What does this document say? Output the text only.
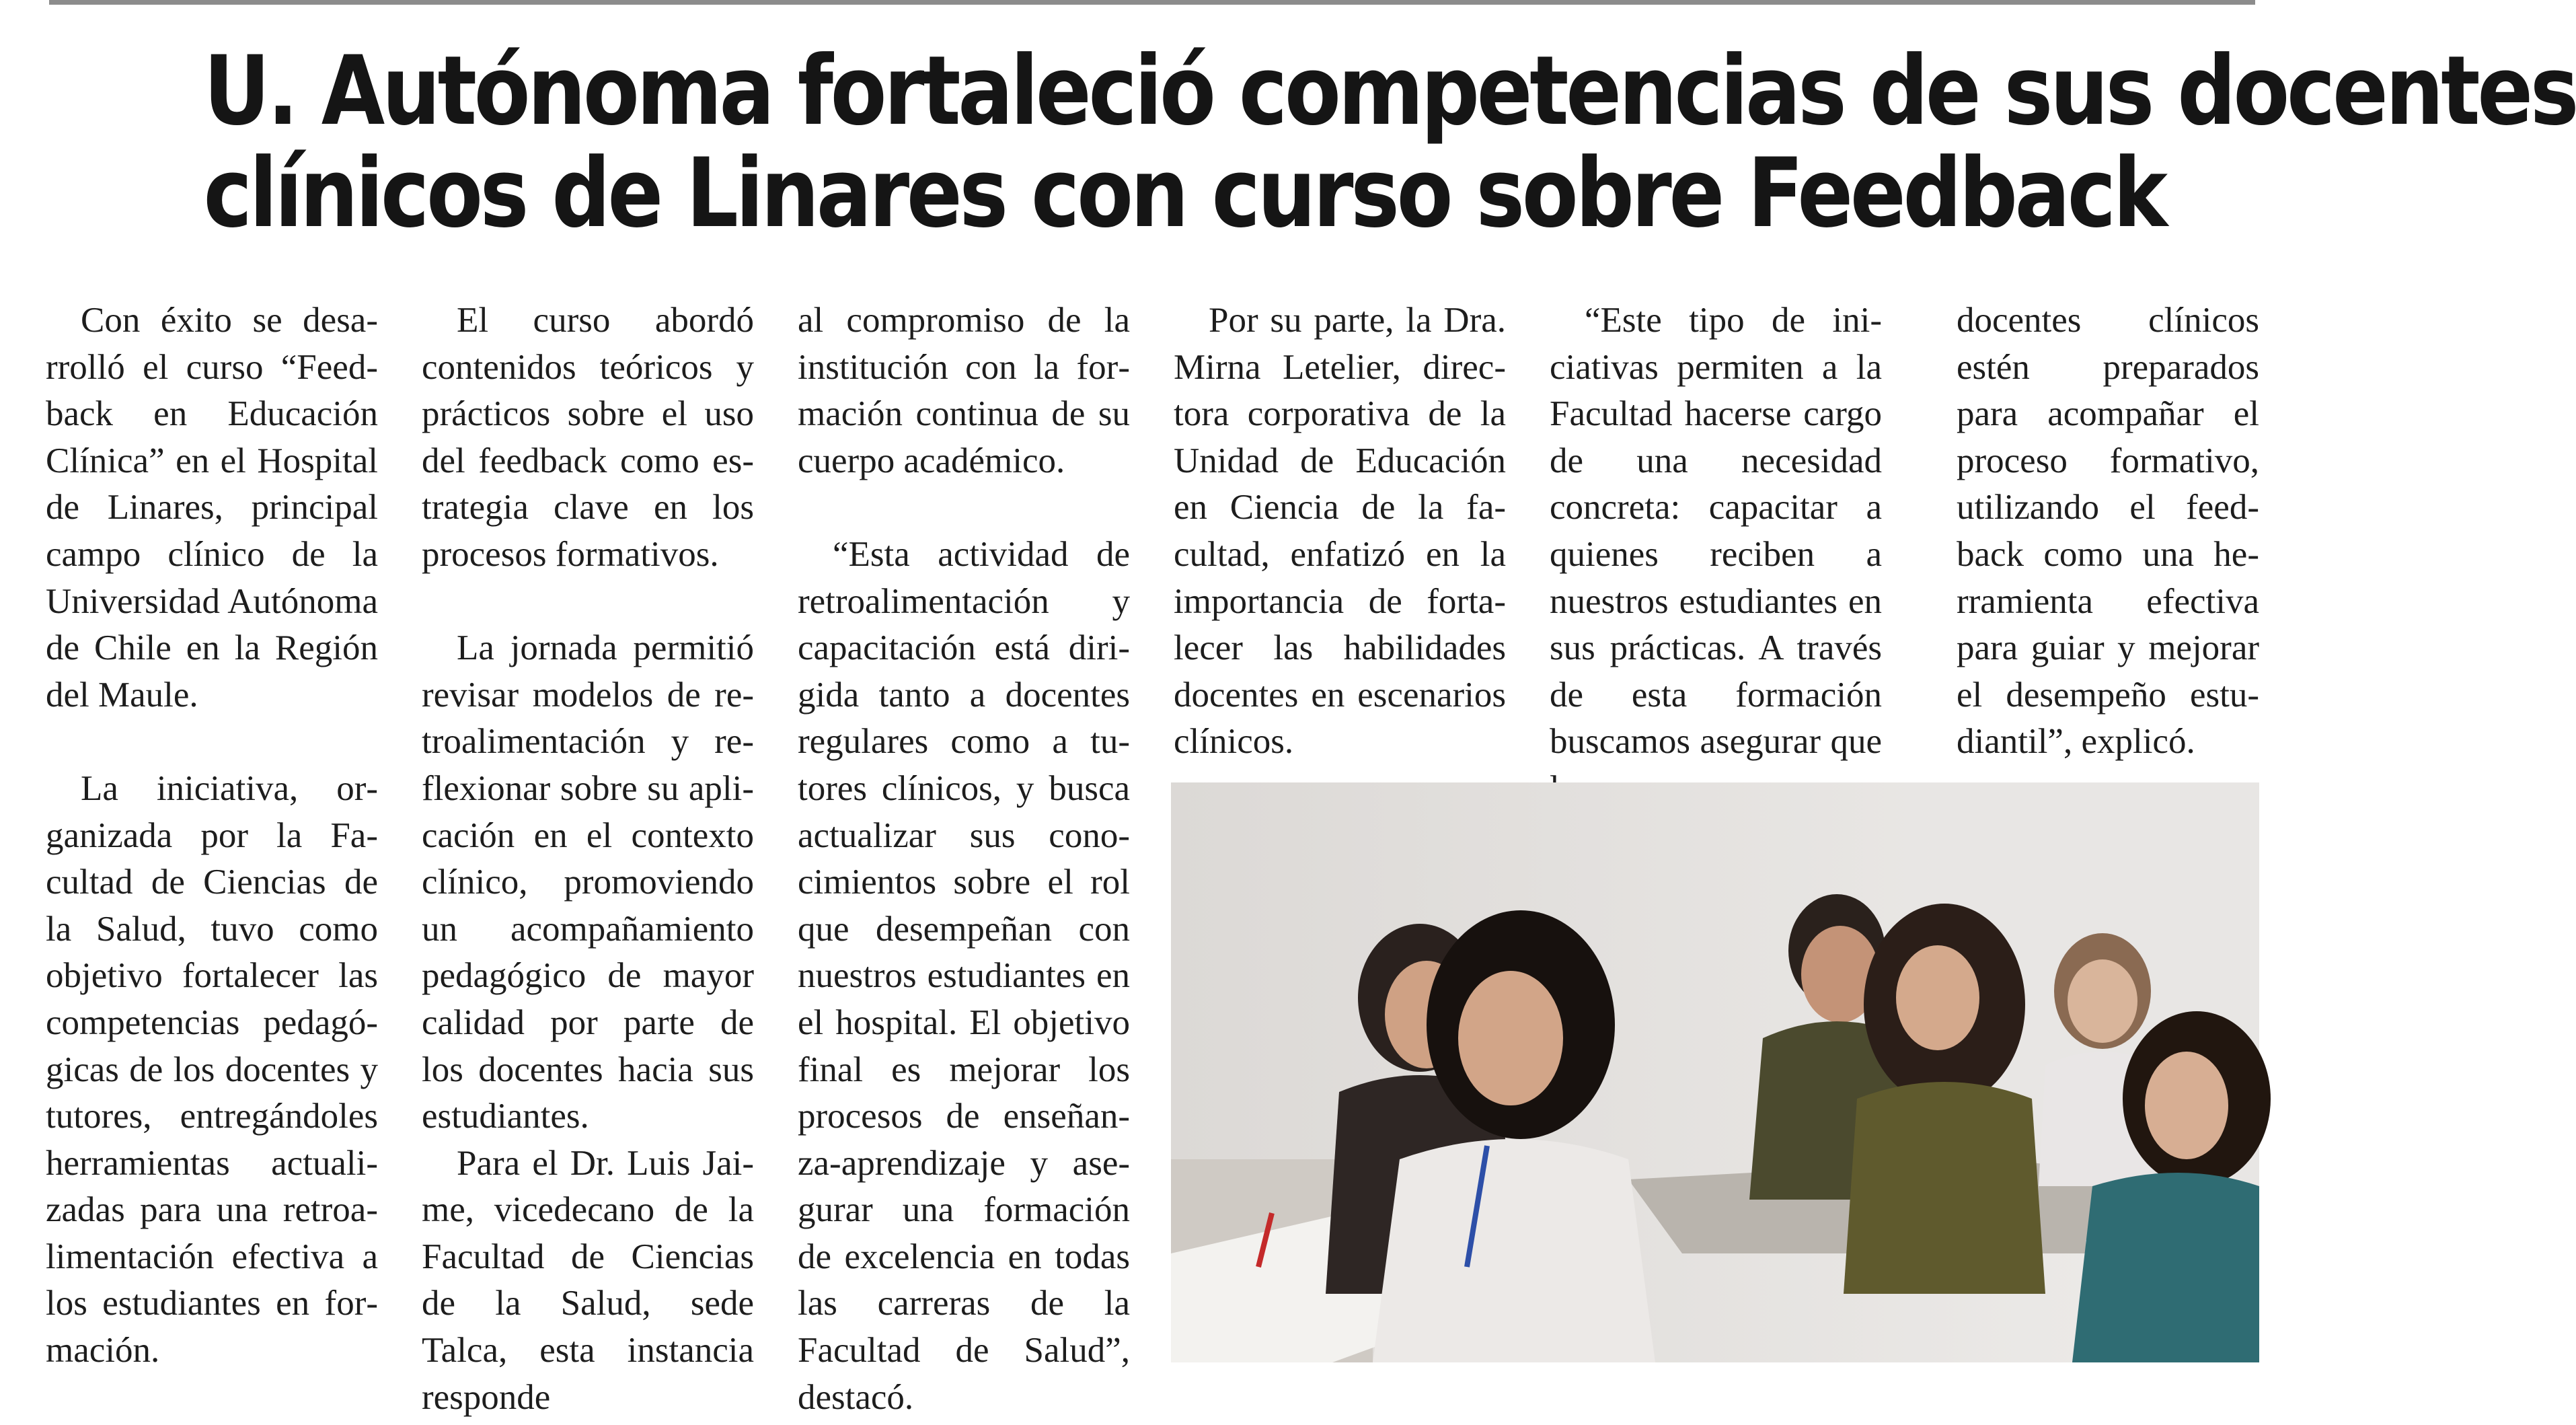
U. Autónoma fortaleció competencias de sus docentes
clínicos de Linares con curso sobre Feedback

Con éxito se desarrolló el curso “Feedback en Educación Clínica” en el Hospital de Linares, principal campo clínico de la Universidad Autónoma de Chile en la Región del Maule.

La iniciativa, organizada por la Facultad de Ciencias de la Salud, tuvo como objetivo fortalecer las competencias pedagógicas de los docentes y tutores, entregándoles herramientas actualizadas para una retroalimentación efectiva a los estudiantes en formación.

El curso abordó contenidos teóricos y prácticos sobre el uso del feedback como estrategia clave en los procesos formativos.

La jornada permitió revisar modelos de retroalimentación y reflexionar sobre su aplicación en el contexto clínico, promoviendo un acompañamiento pedagógico de mayor calidad por parte de los docentes hacia sus estudiantes.

Para el Dr. Luis Jaime, vicedecano de la Facultad de Ciencias de la Salud, sede Talca, esta instancia responde

al compromiso de la institución con la formación continua de su cuerpo académico.

“Esta actividad de retroalimentación y capacitación está dirigida tanto a docentes regulares como a tutores clínicos, y busca actualizar sus conocimientos sobre el rol que desempeñan con nuestros estudiantes en el hospital. El objetivo final es mejorar los procesos de enseñanza-aprendizaje y asegurar una formación de excelencia en todas las carreras de la Facultad de Salud”, destacó.

Por su parte, la Dra. Mirna Letelier, directora corporativa de la Unidad de Educación en Ciencia de la facultad, enfatizó en la importancia de fortalecer las habilidades docentes en escenarios clínicos.

“Este tipo de iniciativas permiten a la Facultad hacerse cargo de una necesidad concreta: capacitar a quienes reciben a nuestros estudiantes en sus prácticas. A través de esta formación buscamos asegurar que

docentes clínicos estén preparados para acompañar el proceso formativo, utilizando el feedback como una herramienta efectiva para guiar y mejorar el desempeño estudiantil”, explicó.
